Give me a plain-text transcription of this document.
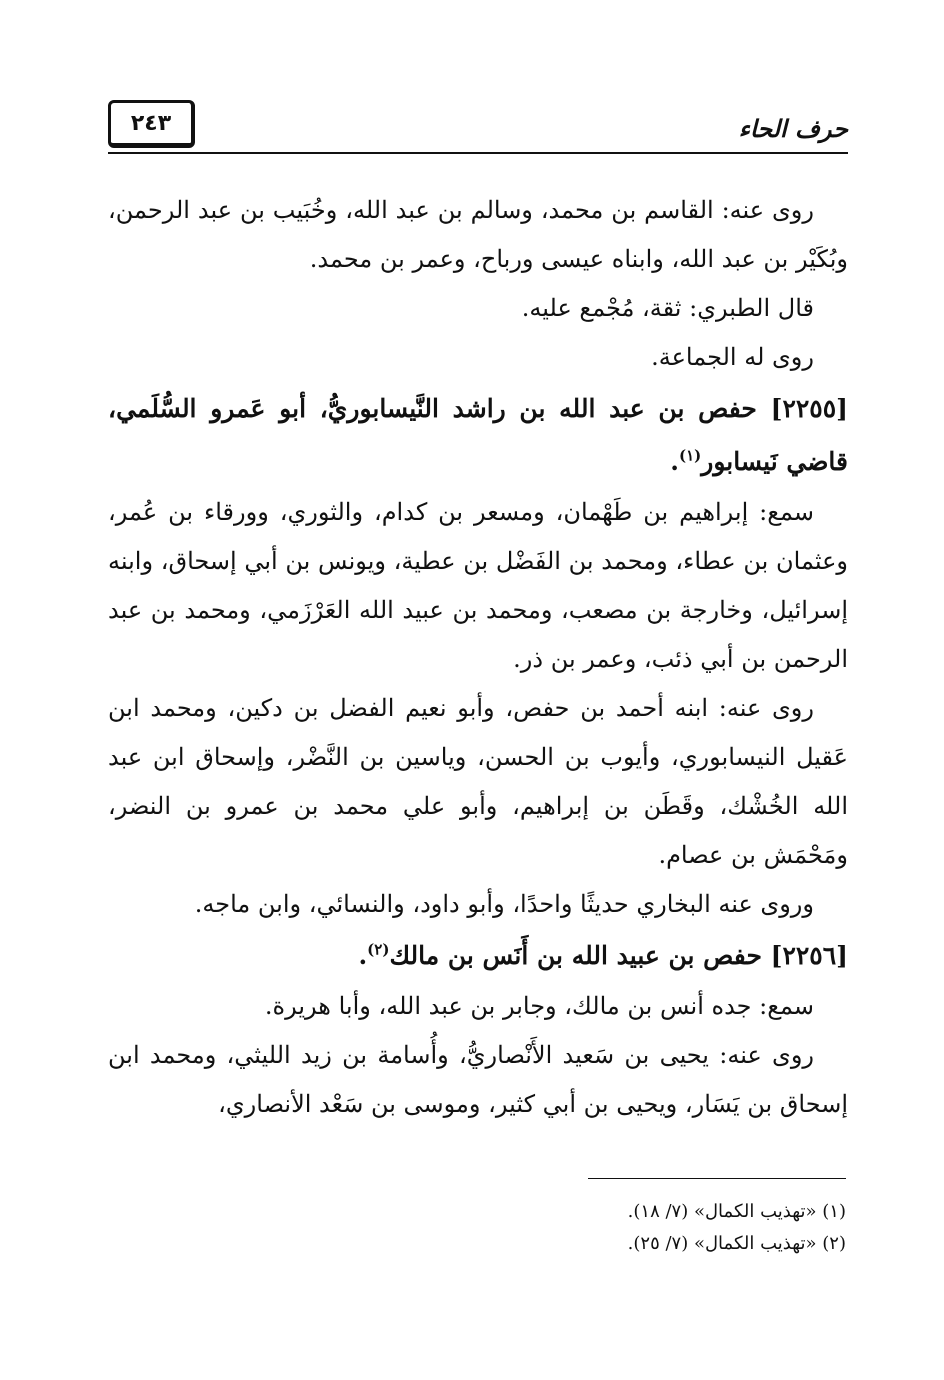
٢٤٣	حرف الحاء

روى عنه: القاسم بن محمد، وسالم بن عبد الله، وخُبَيب بن عبد الرحمن، وبُكَيْر بن عبد الله، وابناه عيسى ورباح، وعمر بن محمد.

قال الطبري: ثقة، مُجْمع عليه.

روى له الجماعة.

[٢٢٥٥] حفص بن عبد الله بن راشد النَّيسابوريُّ، أبو عَمرو السُّلَمي، قاضي نَيسابور$^{(١)}$.

سمع: إبراهيم بن طَهْمان، ومسعر بن كدام، والثوري، وورقاء بن عُمر، وعثمان بن عطاء، ومحمد بن الفَضْل بن عطية، ويونس بن أبي إسحاق، وابنه إسرائيل، وخارجة بن مصعب، ومحمد بن عبيد الله العَرْزَمي، ومحمد بن عبد الرحمن بن أبي ذئب، وعمر بن ذر.

روى عنه: ابنه أحمد بن حفص، وأبو نعيم الفضل بن دكين، ومحمد ابن عَقيل النيسابوري، وأيوب بن الحسن، وياسين بن النَّضْر، وإسحاق ابن عبد الله الخُشْك، وقَطَن بن إبراهيم، وأبو علي محمد بن عمرو بن النضر، ومَحْمَش بن عصام.

وروى عنه البخاري حديثًا واحدًا، وأبو داود، والنسائي، وابن ماجه.

[٢٢٥٦] حفص بن عبيد الله بن أَنَس بن مالك$^{(٢)}$.

سمع: جده أنس بن مالك، وجابر بن عبد الله، وأبا هريرة.

روى عنه: يحيى بن سَعيد الأَنْصاريُّ، وأُسامة بن زيد الليثي، ومحمد ابن إسحاق بن يَسَار، ويحيى بن أبي كثير، وموسى بن سَعْد الأنصاري،

(١) «تهذيب الكمال» (٧/ ١٨).
(٢) «تهذيب الكمال» (٧/ ٢٥).
